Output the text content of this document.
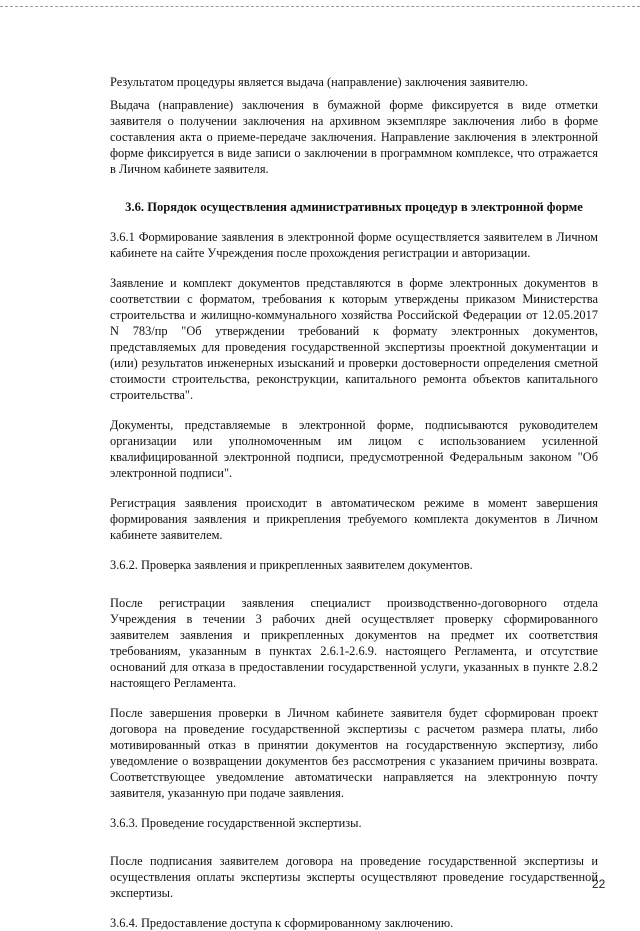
Результатом процедуры является выдача (направление) заключения заявителю.

Выдача (направление) заключения в бумажной форме фиксируется в виде отметки заявителя о получении заключения на архивном экземпляре заключения либо в форме составления акта о приеме-передаче заключения. Направление заключения в электронной форме фиксируется в виде записи о заключении в программном комплексе, что отражается в Личном кабинете заявителя.

3.6. Порядок осуществления административных процедур в электронной форме

3.6.1 Формирование заявления в электронной форме осуществляется заявителем в Личном кабинете на сайте Учреждения после прохождения регистрации и авторизации.

Заявление и комплект документов представляются в форме электронных документов в соответствии с форматом, требования к которым утверждены приказом Министерства строительства и жилищно-коммунального хозяйства Российской Федерации от 12.05.2017 N 783/пр "Об утверждении требований к формату электронных документов, представляемых для проведения государственной экспертизы проектной документации и (или) результатов инженерных изысканий и проверки достоверности определения сметной стоимости строительства, реконструкции, капитального ремонта объектов капитального строительства".

Документы, представляемые в электронной форме, подписываются руководителем организации или уполномоченным им лицом с использованием усиленной квалифицированной электронной подписи, предусмотренной Федеральным законом "Об электронной подписи".

Регистрация заявления происходит в автоматическом режиме в момент завершения формирования заявления и прикрепления требуемого комплекта документов в Личном кабинете заявителем.

3.6.2. Проверка заявления и прикрепленных заявителем документов.

После регистрации заявления специалист производственно-договорного отдела Учреждения в течении 3 рабочих дней осуществляет проверку сформированного заявителем заявления и прикрепленных документов на предмет их соответствия требованиям, указанным в пунктах 2.6.1-2.6.9. настоящего Регламента, и отсутствие оснований для отказа в предоставлении государственной услуги, указанных в пункте 2.8.2 настоящего Регламента.

После завершения проверки в Личном кабинете заявителя будет сформирован проект договора на проведение государственной экспертизы с расчетом размера платы, либо мотивированный отказ в принятии документов на государственную экспертизу, либо уведомление о возвращении документов без рассмотрения с указанием причины возврата. Соответствующее уведомление автоматически направляется на электронную почту заявителя, указанную при подаче заявления.

3.6.3. Проведение государственной экспертизы.

После подписания заявителем договора на проведение государственной экспертизы и осуществления оплаты экспертизы эксперты осуществляют проведение государственной экспертизы.

3.6.4. Предоставление доступа к сформированному заключению.

22
